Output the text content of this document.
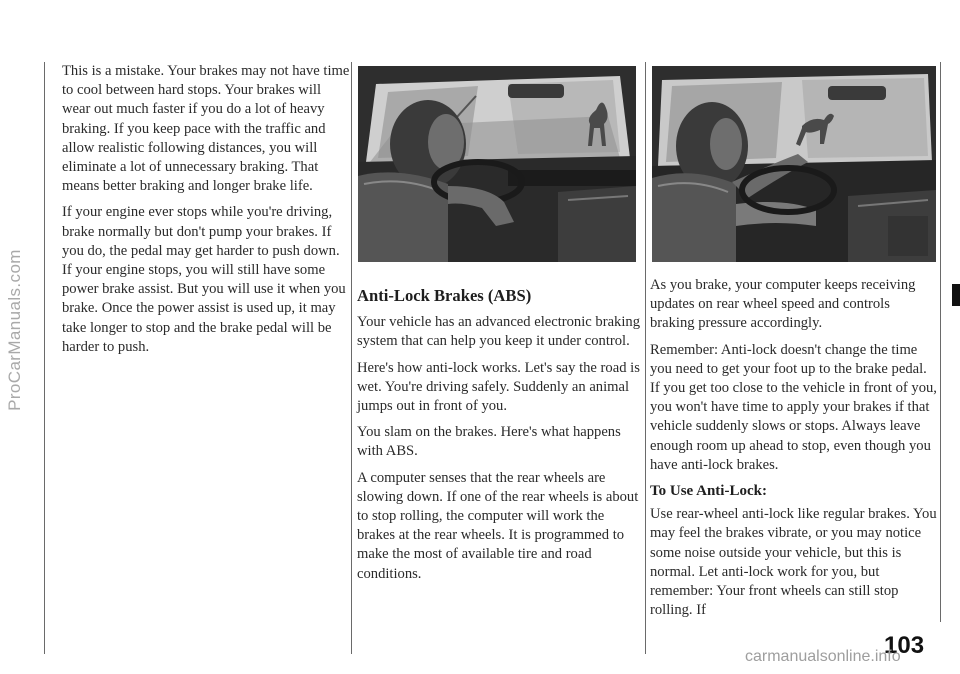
ProCarManuals.com

This is a mistake. Your brakes may not have time to cool between hard stops. Your brakes will wear out much faster if you do a lot of heavy braking. If you keep pace with the traffic and allow realistic following distances, you will eliminate a lot of unnecessary braking. That means better braking and longer brake life.

If your engine ever stops while you're driving, brake normally but don't pump your brakes. If you do, the pedal may get harder to push down. If your engine stops, you will still have some power brake assist. But you will use it when you brake. Once the power assist is used up, it may take longer to stop and the brake pedal will be harder to push.

Anti-Lock Brakes (ABS)

Your vehicle has an advanced electronic braking system that can help you keep it under control.

Here's how anti-lock works. Let's say the road is wet. You're driving safely. Suddenly an animal jumps out in front of you.

You slam on the brakes. Here's what happens with ABS.

A computer senses that the rear wheels are slowing down. If one of the rear wheels is about to stop rolling, the computer will work the brakes at the rear wheels. It is programmed to make the most of available tire and road conditions.

As you brake, your computer keeps receiving updates on rear wheel speed and controls braking pressure accordingly.

Remember: Anti-lock doesn't change the time you need to get your foot up to the brake pedal. If you get too close to the vehicle in front of you, you won't have time to apply your brakes if that vehicle suddenly slows or stops. Always leave enough room up ahead to stop, even though you have anti-lock brakes.

To Use Anti-Lock:

Use rear-wheel anti-lock like regular brakes. You may feel the brakes vibrate, or you may notice some noise outside your vehicle, but this is normal. Let anti-lock work for you, but remember: Your front wheels can still stop rolling. If

103
carmanualsonline.info
